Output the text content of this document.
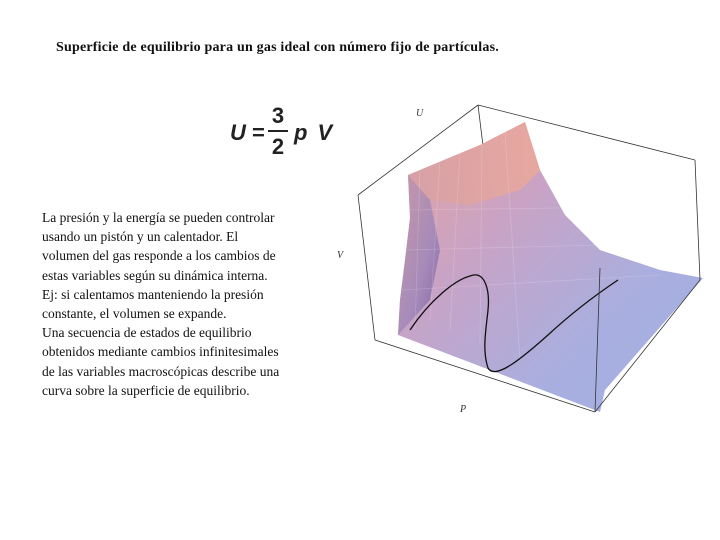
Superficie de equilibrio para un gas ideal con número fijo de partículas.
U =
3
2
p V
La presión y la energía se pueden controlar
usando un pistón y un calentador. El
volumen del gas responde a los cambios de
estas variables según su dinámica interna.
Ej: si calentamos manteniendo la presión
constante, el volumen se expande.
Una secuencia de estados de equilibrio
obtenidos mediante cambios infinitesimales
de las variables macroscópicas describe una
curva sobre la superficie de equilibrio.
U
V
P
